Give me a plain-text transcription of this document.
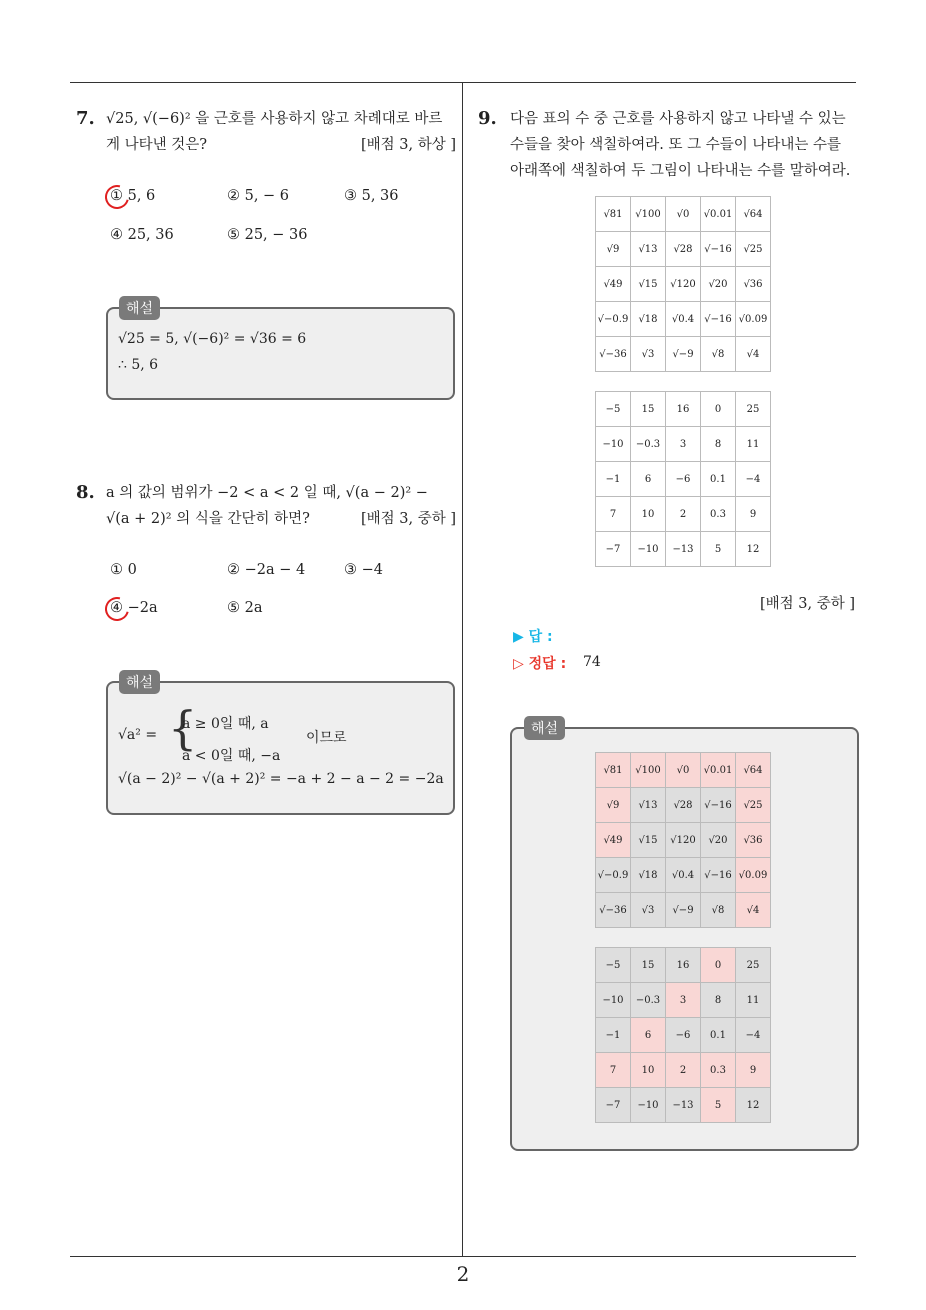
7. √25, √(−6)² 을 근호를 사용하지 않고 차례대로 바르
게 나타낸 것은?	[배점 3, 하상 ]
① 5, 6	② 5, − 6	③ 5, 36
④ 25, 36	⑤ 25, − 36
해설
√25 = 5, √(−6)² = √36 = 6
∴ 5, 6
8. a 의 값의 범위가 −2 < a < 2 일 때, √(a − 2)² −
√(a + 2)² 의 식을 간단히 하면?	[배점 3, 중하 ]
① 0	② −2a − 4	③ −4
④ −2a	⑤ 2a
해설
√a² = {
a ≥ 0일 때, a
a < 0일 때, −a
이므로
√(a − 2)² − √(a + 2)² = −a + 2 − a − 2 = −2a
9. 다음 표의 수 중 근호를 사용하지 않고 나타낼 수 있는
수들을 찾아 색칠하여라. 또 그 수들이 나타내는 수를
아래쪽에 색칠하여 두 그림이 나타내는 수를 말하여라.
√81	√100	√0	√0.01	√64
√9	√13	√28	√−16	√25
√49	√15	√120	√20	√36
√−0.9	√18	√0.4	√−16	√0.09
√−36	√3	√−9	√8	√4
−5	15	16	0	25
−10	−0.3	3	8	11
−1	6	−6	0.1	−4
7	10	2	0.3	9
−7	−10	−13	5	12
[배점 3, 중하 ]
▶ 답 :
▷ 정답 : 74
해설
√81	√100	√0	√0.01	√64
√9	√13	√28	√−16	√25
√49	√15	√120	√20	√36
√−0.9	√18	√0.4	√−16	√0.09
√−36	√3	√−9	√8	√4
−5	15	16	0	25
−10	−0.3	3	8	11
−1	6	−6	0.1	−4
7	10	2	0.3	9
−7	−10	−13	5	12
2
